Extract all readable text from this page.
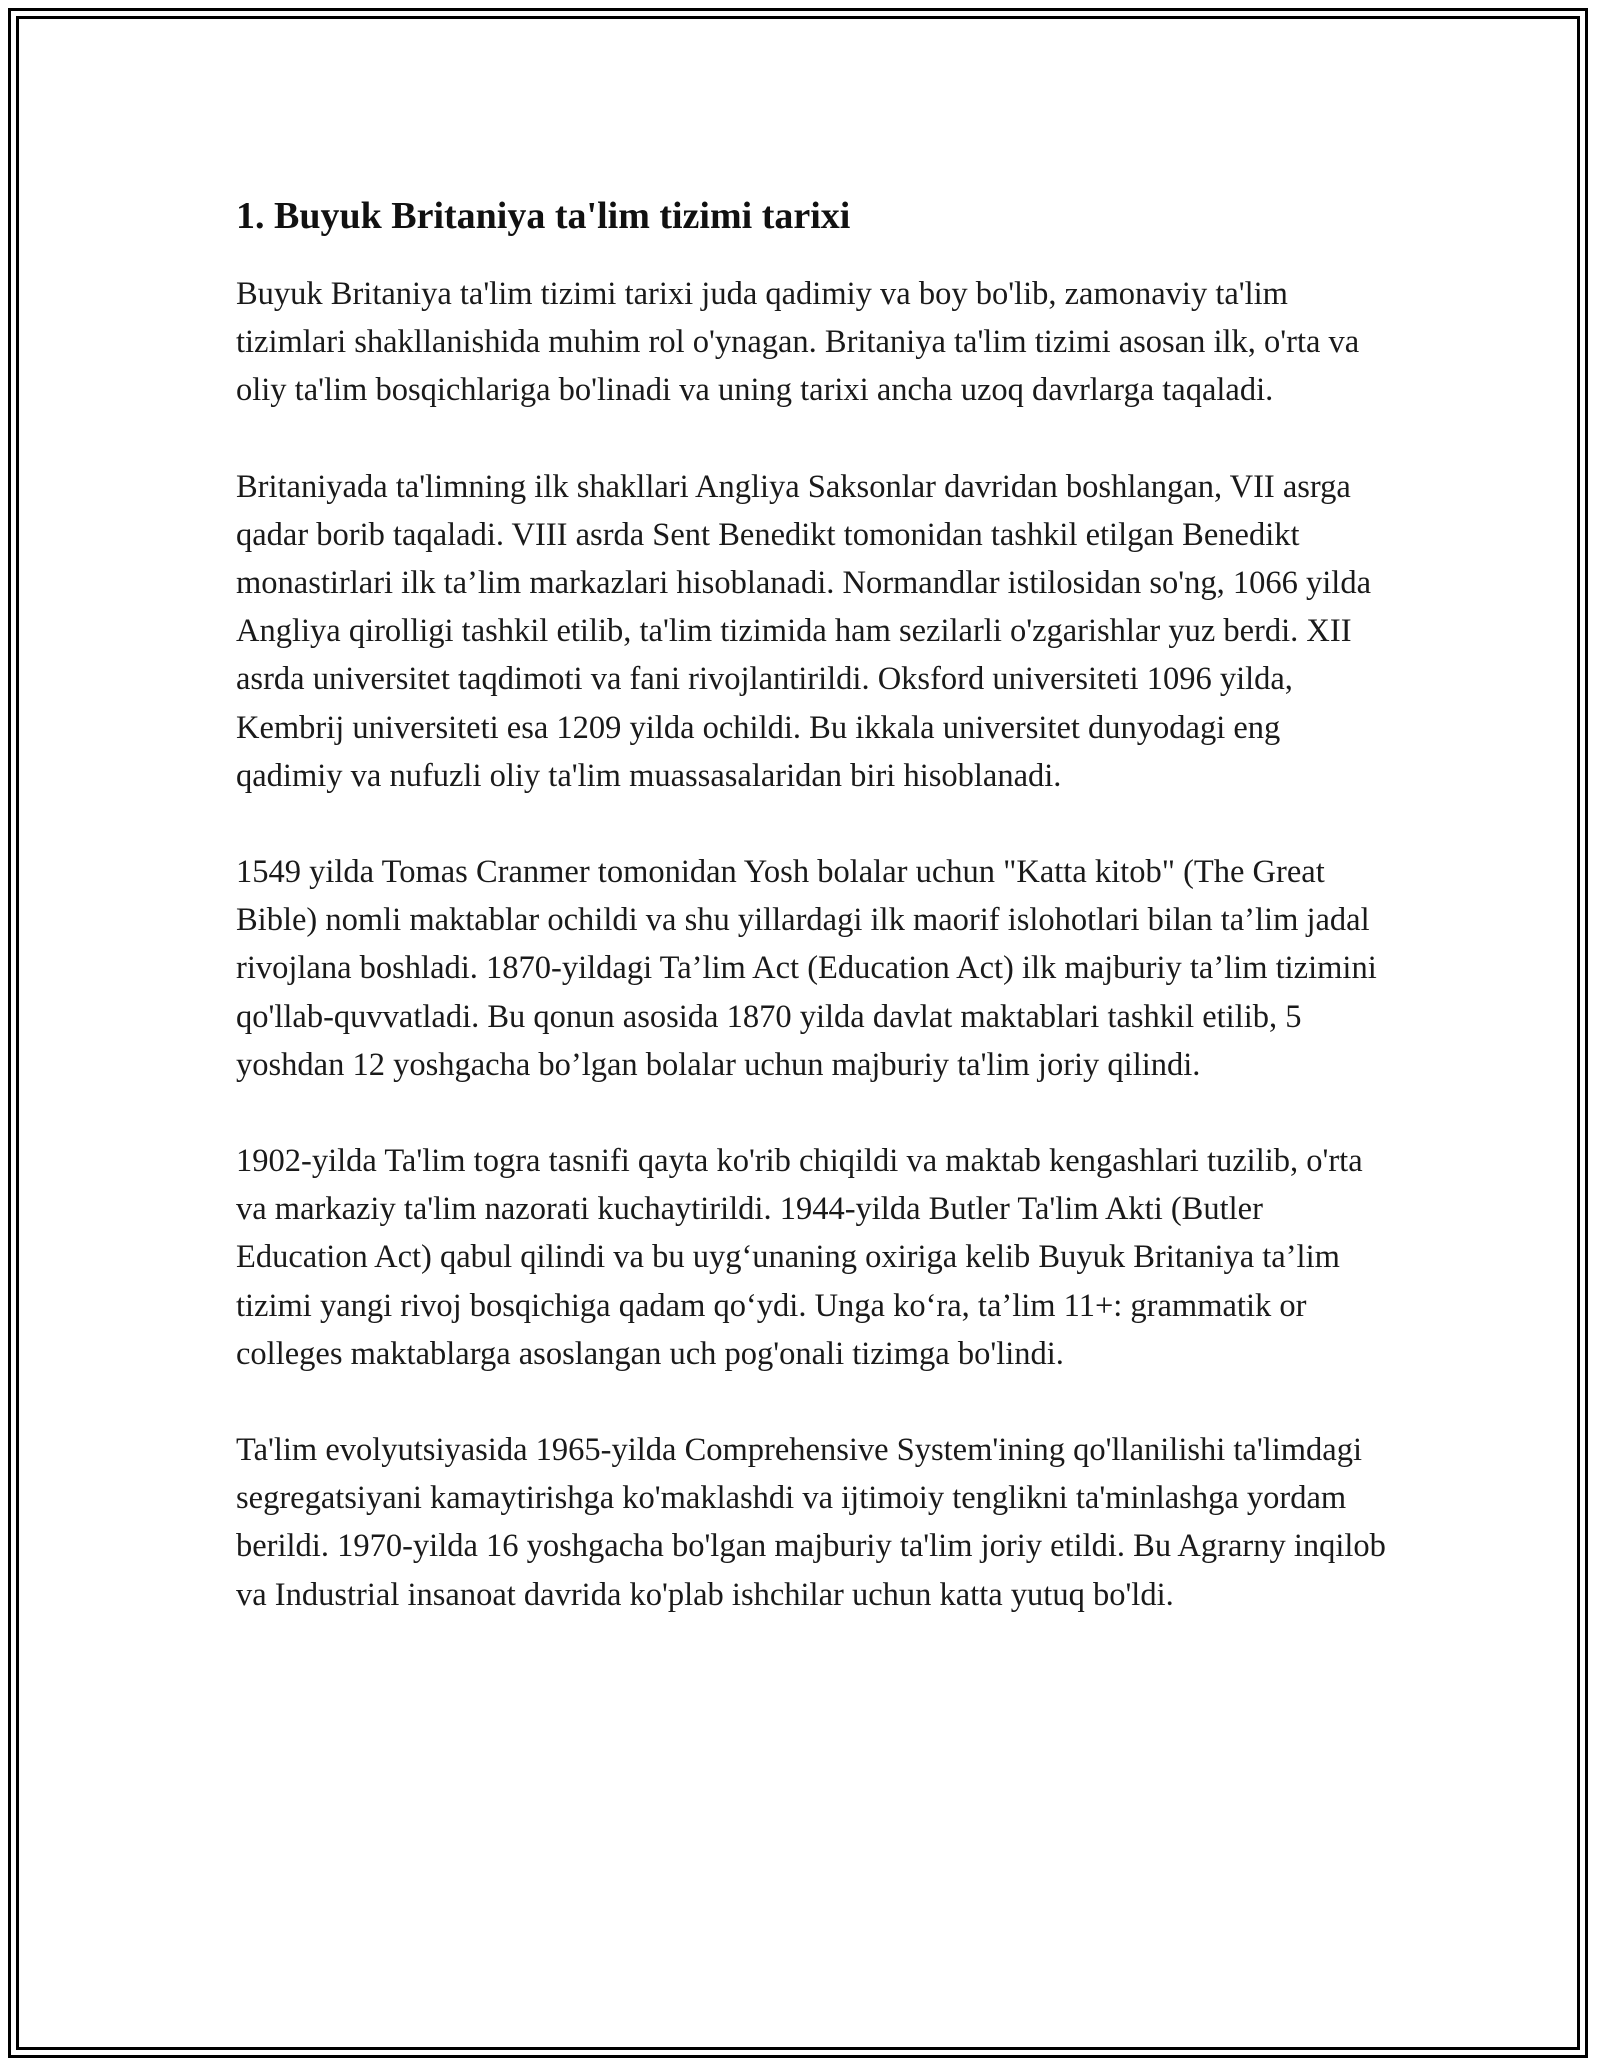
1. Buyuk Britaniya ta'lim tizimi tarixi

Buyuk Britaniya ta'lim tizimi tarixi juda qadimiy va boy bo'lib, zamonaviy ta'lim tizimlari shakllanishida muhim rol o'ynagan. Britaniya ta'lim tizimi asosan ilk, o'rta va oliy ta'lim bosqichlariga bo'linadi va uning tarixi ancha uzoq davrlarga taqaladi.

Britaniyada ta'limning ilk shakllari Angliya Saksonlar davridan boshlangan, VII asrga qadar borib taqaladi. VIII asrda Sent Benedikt tomonidan tashkil etilgan Benedikt monastirlari ilk ta’lim markazlari hisoblanadi. Normandlar istilosidan so'ng, 1066 yilda Angliya qirolligi tashkil etilib, ta'lim tizimida ham sezilarli o'zgarishlar yuz berdi. XII asrda universitet taqdimoti va fani rivojlantirildi. Oksford universiteti 1096 yilda, Kembrij universiteti esa 1209 yilda ochildi. Bu ikkala universitet dunyodagi eng qadimiy va nufuzli oliy ta'lim muassasalaridan biri hisoblanadi.

1549 yilda Tomas Cranmer tomonidan Yosh bolalar uchun "Katta kitob" (The Great Bible) nomli maktablar ochildi va shu yillardagi ilk maorif islohotlari bilan ta’lim jadal rivojlana boshladi. 1870-yildagi Ta’lim Act (Education Act) ilk majburiy ta’lim tizimini qo'llab-quvvatladi. Bu qonun asosida 1870 yilda davlat maktablari tashkil etilib, 5 yoshdan 12 yoshgacha bo’lgan bolalar uchun majburiy ta'lim joriy qilindi.

1902-yilda Ta'lim togra tasnifi qayta ko'rib chiqildi va maktab kengashlari tuzilib, o'rta va markaziy ta'lim nazorati kuchaytirildi. 1944-yilda Butler Ta'lim Akti (Butler Education Act) qabul qilindi va bu uyg‘unaning oxiriga kelib Buyuk Britaniya ta’lim tizimi yangi rivoj bosqichiga qadam qo‘ydi. Unga ko‘ra, ta’lim 11+: grammatik or colleges maktablarga asoslangan uch pog'onali tizimga bo'lindi.

Ta'lim evolyutsiyasida 1965-yilda Comprehensive System'ining qo'llanilishi ta'limdagi segregatsiyani kamaytirishga ko'maklashdi va ijtimoiy tenglikni ta'minlashga yordam berildi. 1970-yilda 16 yoshgacha bo'lgan majburiy ta'lim joriy etildi. Bu Agrarny inqilob va Industrial insanoat davrida ko'plab ishchilar uchun katta yutuq bo'ldi.
